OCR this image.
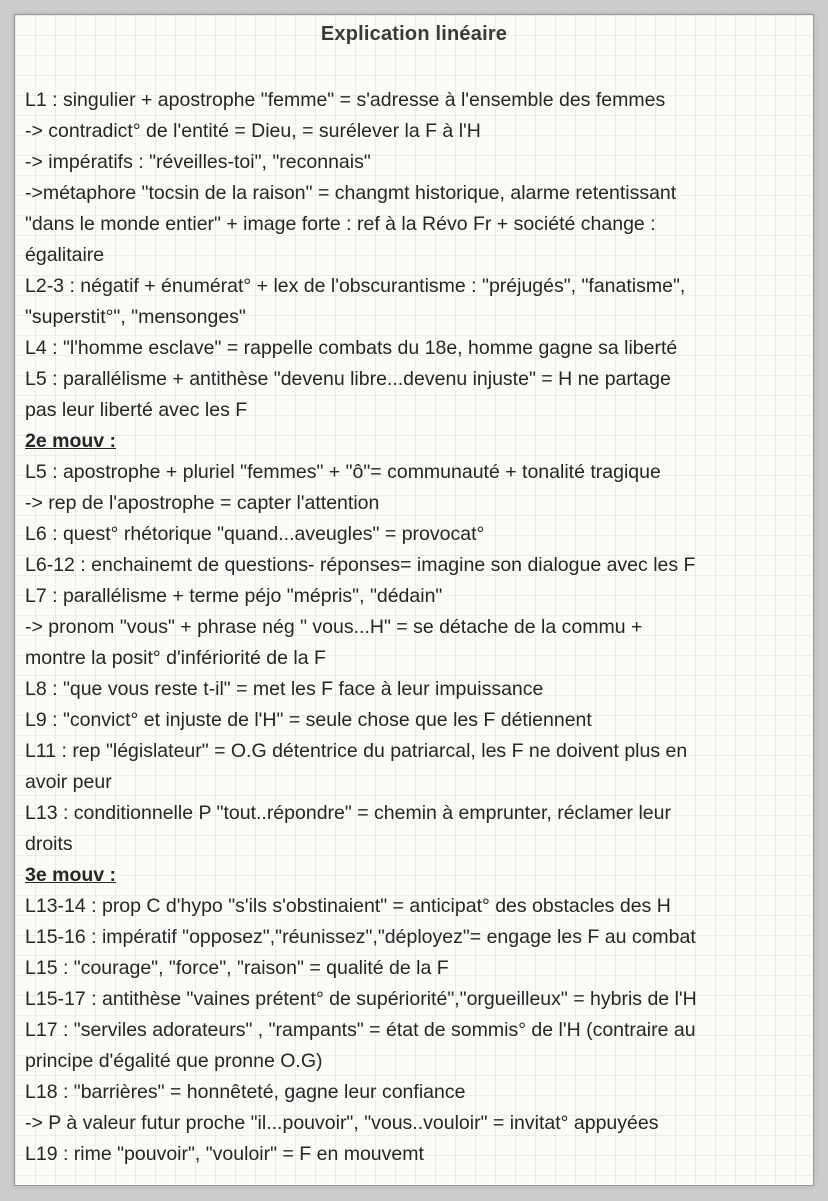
Explication linéaire
L1 : singulier + apostrophe "femme" = s'adresse à l'ensemble des femmes
-> contradict° de l'entité = Dieu, = surélever la F à l'H
-> impératifs : "réveilles-toi", "reconnais"
->métaphore "tocsin de la raison" = changmt historique, alarme retentissant
"dans le monde entier" + image forte : ref à la Révo Fr + société change :
égalitaire
L2-3 : négatif + énumérat° + lex de l'obscurantisme : "préjugés", "fanatisme",
"superstit°", "mensonges"
L4 : "l'homme esclave" = rappelle combats du 18e, homme gagne sa liberté
L5 : parallélisme + antithèse "devenu libre...devenu injuste" = H ne partage
pas leur liberté avec les F
2e mouv :
L5 : apostrophe + pluriel "femmes" + "ô"= communauté + tonalité tragique
-> rep de l'apostrophe = capter l'attention
L6 : quest° rhétorique "quand...aveugles" = provocat°
L6-12 : enchainemt de questions- réponses= imagine son dialogue avec les F
L7 : parallélisme + terme péjo "mépris", "dédain"
-> pronom "vous" + phrase nég " vous...H" = se détache de la commu +
montre la posit° d'infériorité de la F
L8 : "que vous reste t-il" = met les F face à leur impuissance
L9 : "convict° et injuste de l'H" = seule chose que les F détiennent
L11 : rep "législateur" = O.G détentrice du patriarcal, les F ne doivent plus en
avoir peur
L13 : conditionnelle P "tout..répondre" = chemin à emprunter, réclamer leur
droits
3e mouv :
L13-14 : prop C d'hypo "s'ils s'obstinaient" = anticipat° des obstacles des H
L15-16 : impératif "opposez","réunissez","déployez"= engage les F au combat
L15 : "courage", "force", "raison" = qualité de la F
L15-17 : antithèse "vaines prétent° de supériorité","orgueilleux" = hybris de l'H
L17 : "serviles adorateurs" , "rampants" = état de sommis° de l'H (contraire au
principe d'égalité que pronne O.G)
L18 : "barrières" = honnêteté, gagne leur confiance
-> P à valeur futur proche "il...pouvoir", "vous..vouloir" = invitat° appuyées
L19 : rime "pouvoir", "vouloir" = F en mouvemt
